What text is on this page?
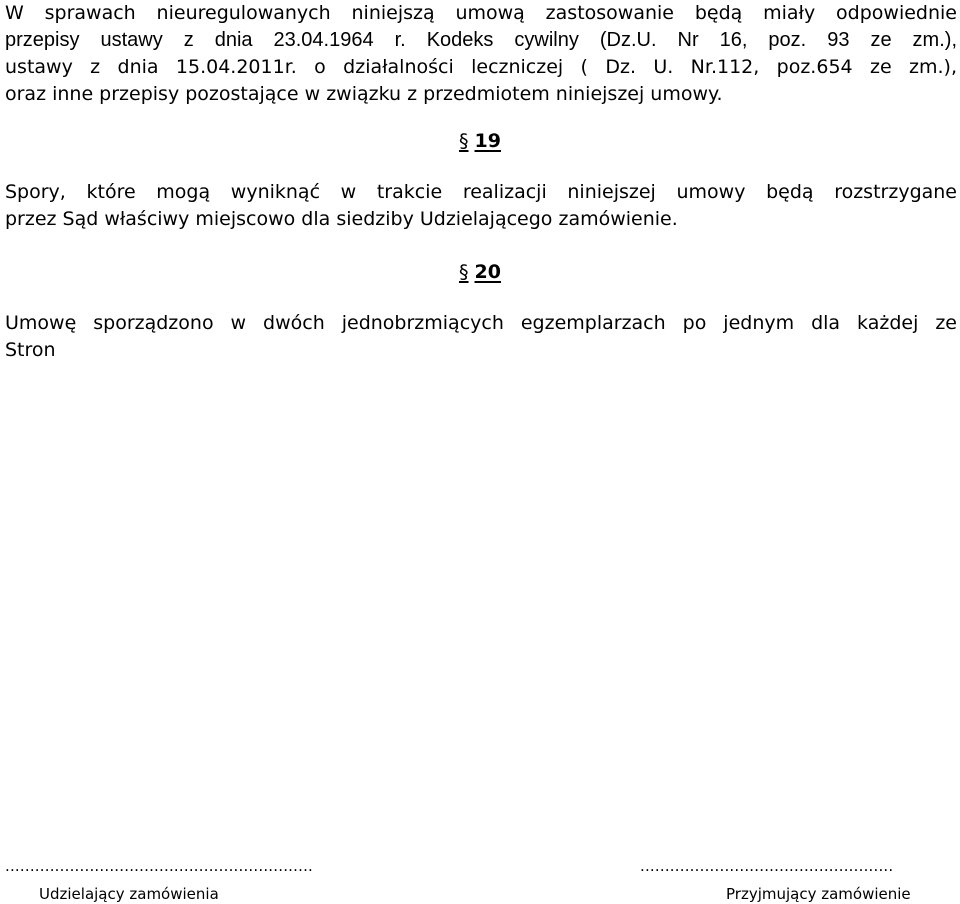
W sprawach nieuregulowanych niniejszą umową zastosowanie będą miały odpowiednie
przepisy ustawy z dnia 23.04.1964 r. Kodeks cywilny (Dz.U. Nr 16, poz. 93 ze zm.),
ustawy z dnia 15.04.2011r. o działalności leczniczej ( Dz. U. Nr.112, poz.654 ze zm.),
oraz inne przepisy pozostające w związku z przedmiotem niniejszej umowy.

§ 19

Spory, które mogą wyniknąć w trakcie realizacji niniejszej umowy będą rozstrzygane
przez Sąd właściwy miejscowo dla siedziby Udzielającego zamówienie.

§ 20

Umowę sporządzono w dwóch jednobrzmiących egzemplarzach po jednym dla każdej ze
Stron

..............................................................
Udzielający zamówienia
...................................................
Przyjmujący zamówienie
